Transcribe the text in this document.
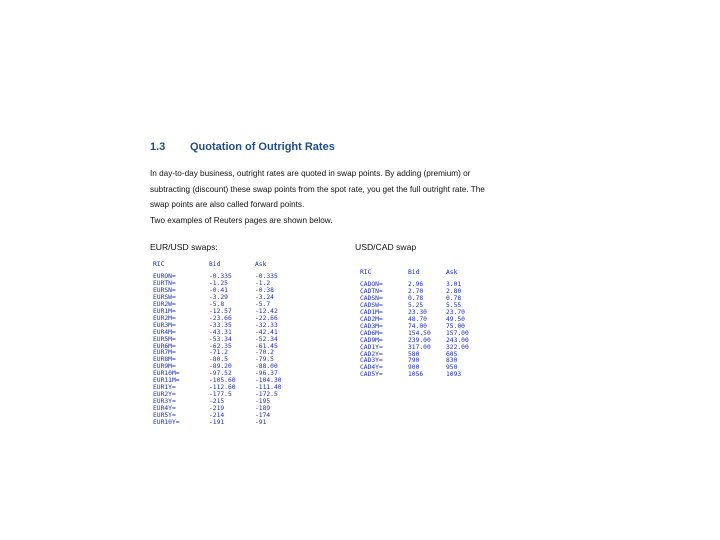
1.3 Quotation of Outright Rates

In day-to-day business, outright rates are quoted in swap points. By adding (premium) or

subtracting (discount) these swap points from the spot rate, you get the full outright rate. The

swap points are also called forward points.

Two examples of Reuters pages are shown below.

EUR/USD swaps:	USD/CAD swap
RIC	Bid	Ask
EURON=	-0.335	-0.335
EURTN=	-1.25	-1.2
EURSN=	-0.41	-0.38
EURSW=	-3.29	-3.24
EUR2W=	-5.8	-5.7
EUR1M=	-12.57	-12.42
EUR2M=	-23.66	-22.66
EUR3M=	-33.35	-32.33
EUR4M=	-43.31	-42.41
EUR5M=	-53.34	-52.34
EUR6M=	-62.35	-61.45
EUR7M=	-71.2	-70.2
EUR8M=	-80.5	-79.5
EUR9M=	-89.20	-88.00
EUR10M=	-97.52	-96.37
EUR11M=	-105.60	-104.30
EUR1Y=	-112.60	-111.40
EUR2Y=	-177.5	-172.5
EUR3Y=	-215	-195
EUR4Y=	-219	-189
EUR5Y=	-214	-174
EUR10Y=	-191	-91
RIC	Bid	Ask
CADON=	2.96	3.01
CADTN=	2.70	2.80
CADSN=	0.78	0.78
CADSW=	5.25	5.55
CAD1M=	23.30	23.70
CAD2M=	48.70	49.50
CAD3M=	74.00	75.00
CAD6M=	154.50	157.00
CAD9M=	239.00	243.00
CAD1Y=	317.00	322.00
CAD2Y=	580	605
CAD3Y=	790	830
CAD4Y=	900	950
CAD5Y=	1056	1093
